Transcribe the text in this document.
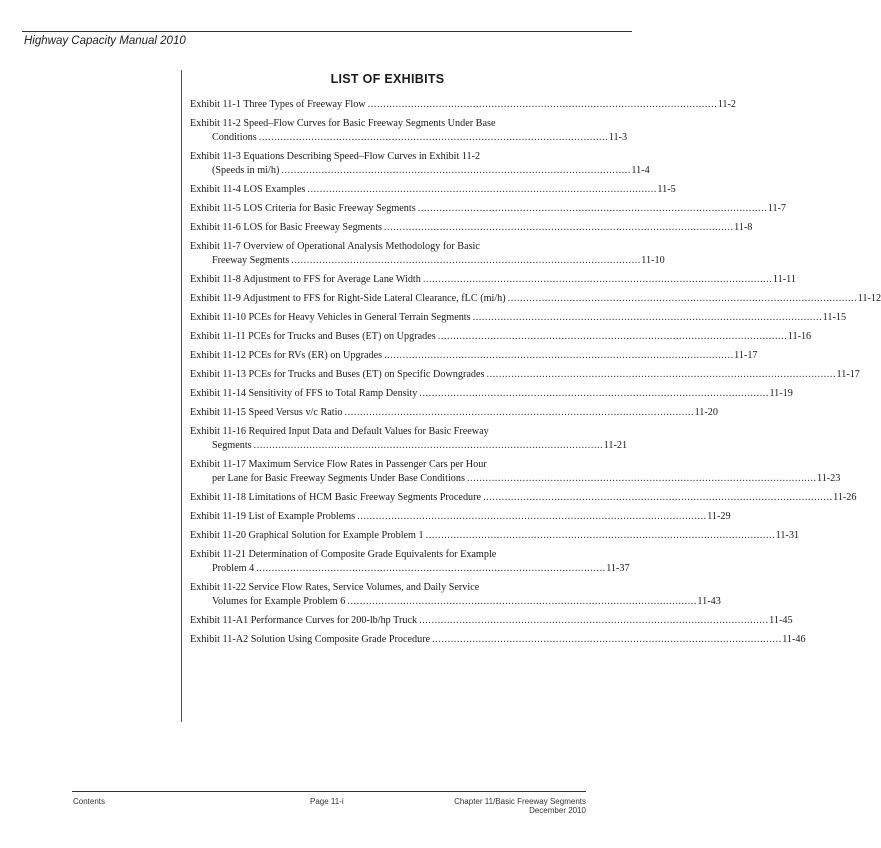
Highway Capacity Manual 2010
LIST OF EXHIBITS
Exhibit 11-1 Three Types of Freeway Flow . . .	11-2
Exhibit 11-2 Speed–Flow Curves for Basic Freeway Segments Under Base
Conditions . . .	11-3
Exhibit 11-3 Equations Describing Speed–Flow Curves in Exhibit 11-2
(Speeds in mi/h) . . .	11-4
Exhibit 11-4 LOS Examples . . .	11-5
Exhibit 11-5 LOS Criteria for Basic Freeway Segments . . .	11-7
Exhibit 11-6 LOS for Basic Freeway Segments . . .	11-8
Exhibit 11-7 Overview of Operational Analysis Methodology for Basic
Freeway Segments . . .	11-10
Exhibit 11-8 Adjustment to FFS for Average Lane Width . . .	11-11
Exhibit 11-9 Adjustment to FFS for Right-Side Lateral Clearance, fLC (mi/h) . . .	11-12
Exhibit 11-10 PCEs for Heavy Vehicles in General Terrain Segments . . .	11-15
Exhibit 11-11 PCEs for Trucks and Buses (ET) on Upgrades . . .	11-16
Exhibit 11-12 PCEs for RVs (ER) on Upgrades . . .	11-17
Exhibit 11-13 PCEs for Trucks and Buses (ET) on Specific Downgrades . . .	11-17
Exhibit 11-14 Sensitivity of FFS to Total Ramp Density . . .	11-19
Exhibit 11-15 Speed Versus v/c Ratio . . .	11-20
Exhibit 11-16 Required Input Data and Default Values for Basic Freeway
Segments . . .	11-21
Exhibit 11-17 Maximum Service Flow Rates in Passenger Cars per Hour
per Lane for Basic Freeway Segments Under Base Conditions . . .	11-23
Exhibit 11-18 Limitations of HCM Basic Freeway Segments Procedure . . .	11-26
Exhibit 11-19 List of Example Problems . . .	11-29
Exhibit 11-20 Graphical Solution for Example Problem 1 . . .	11-31
Exhibit 11-21 Determination of Composite Grade Equivalents for Example
Problem 4 . . .	11-37
Exhibit 11-22 Service Flow Rates, Service Volumes, and Daily Service
Volumes for Example Problem 6 . . .	11-43
Exhibit 11-A1 Performance Curves for 200-lb/hp Truck . . .	11-45
Exhibit 11-A2 Solution Using Composite Grade Procedure . . .	11-46
Contents	Page 11-i	Chapter 11/Basic Freeway Segments
December 2010
